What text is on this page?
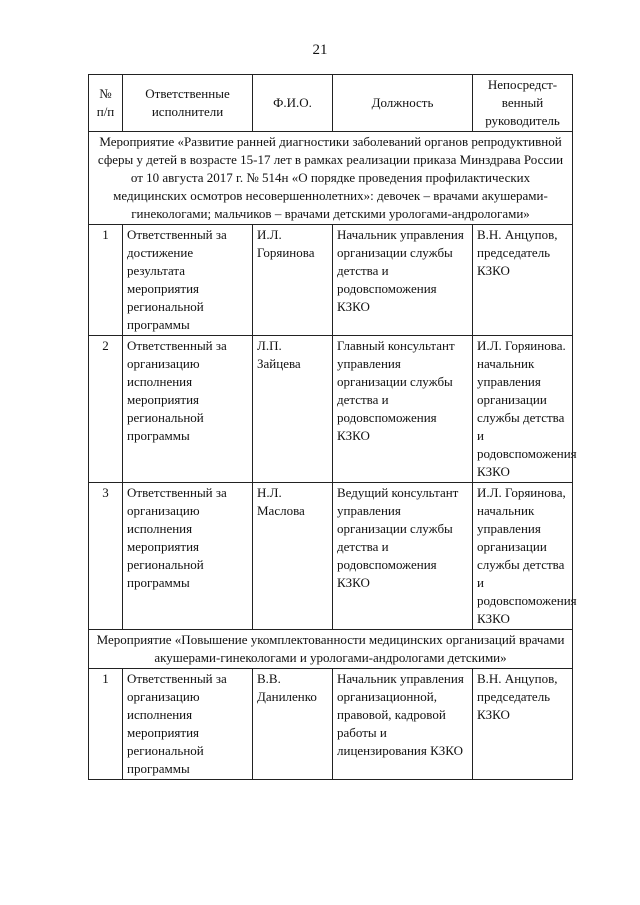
21
№ п/п	Ответственные исполнители	Ф.И.О.	Должность	Непосредст-венный руководитель
Мероприятие «Развитие ранней диагностики заболеваний органов репродуктивной сферы у детей в возрасте 15-17 лет в рамках реализации приказа Минздрава России от 10 августа 2017 г. № 514н «О порядке проведения профилактических медицинских осмотров несовершеннолетних»: девочек – врачами акушерами-гинекологами; мальчиков – врачами детскими урологами-андрологами»				
1	Ответственный за достижение результата мероприятия региональной программы	И.Л. Горяинова	Начальник управления организации службы детства и родовспоможения КЗКО	В.Н. Анцупов, председатель КЗКО
2	Ответственный за организацию исполнения мероприятия региональной программы	Л.П. Зайцева	Главный консультант управления организации службы детства и родовспоможения КЗКО	И.Л. Горяинова. начальник управления организации службы детства и родовспоможения КЗКО
3	Ответственный за организацию исполнения мероприятия региональной программы	Н.Л. Маслова	Ведущий консультант управления организации службы детства и родовспоможения КЗКО	И.Л. Горяинова, начальник управления организации службы детства и родовспоможения КЗКО
Мероприятие «Повышение укомплектованности медицинских организаций врачами акушерами-гинекологами и урологами-андрологами детскими»				
1	Ответственный за организацию исполнения мероприятия региональной программы	В.В. Даниленко	Начальник управления организационной, правовой, кадровой работы и лицензирования КЗКО	В.Н. Анцупов, председатель КЗКО
